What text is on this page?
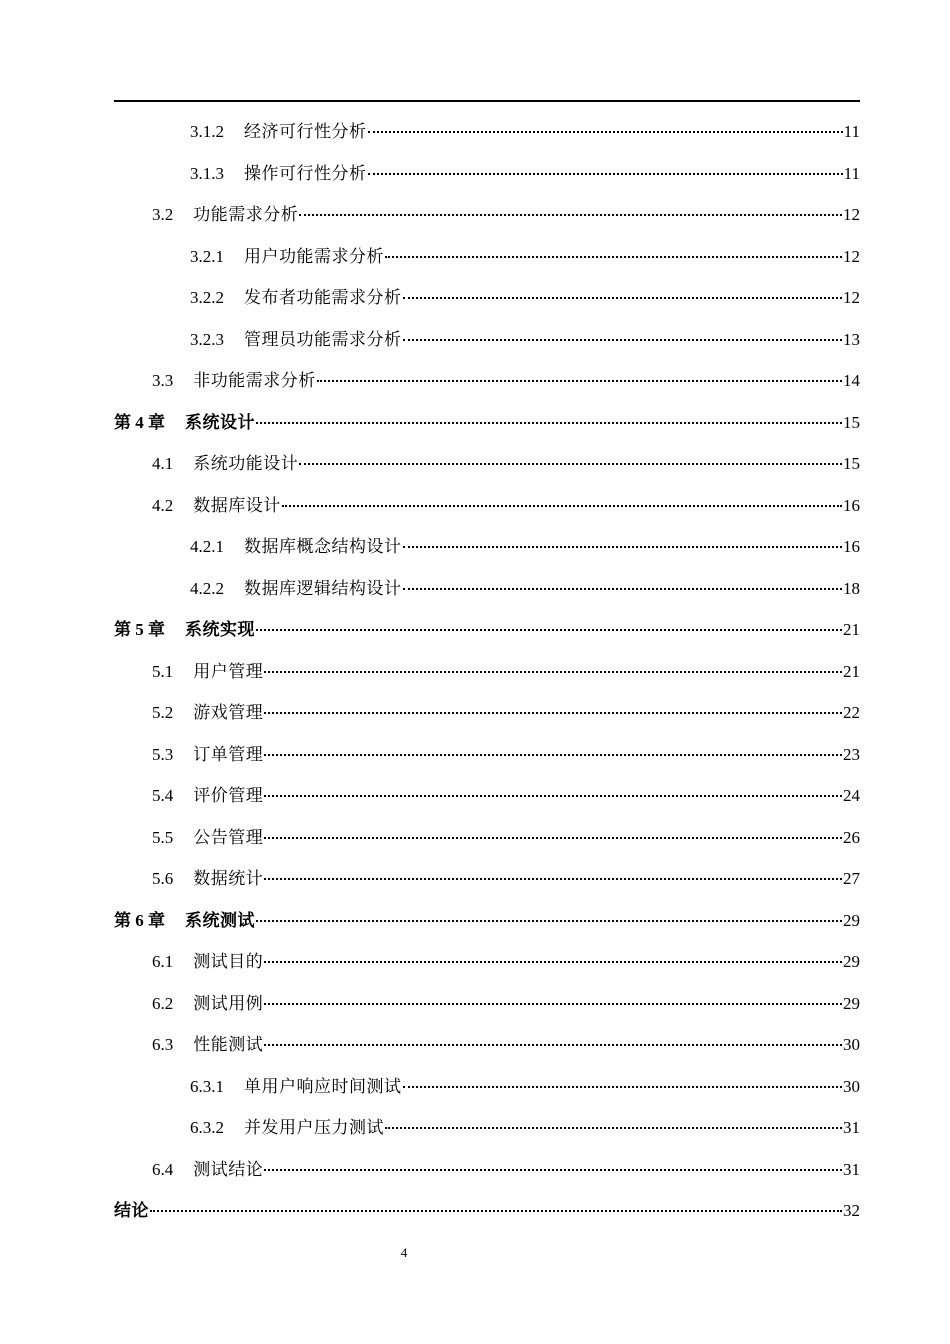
3.1.2 经济可行性分析	11
3.1.3 操作可行性分析	11
3.2 功能需求分析	12
3.2.1 用户功能需求分析	12
3.2.2 发布者功能需求分析	12
3.2.3 管理员功能需求分析	13
3.3 非功能需求分析	14
第 4 章 系统设计	15
4.1 系统功能设计	15
4.2 数据库设计	16
4.2.1 数据库概念结构设计	16
4.2.2 数据库逻辑结构设计	18
第 5 章 系统实现	21
5.1 用户管理	21
5.2 游戏管理	22
5.3 订单管理	23
5.4 评价管理	24
5.5 公告管理	26
5.6 数据统计	27
第 6 章 系统测试	29
6.1 测试目的	29
6.2 测试用例	29
6.3 性能测试	30
6.3.1 单用户响应时间测试	30
6.3.2 并发用户压力测试	31
6.4 测试结论	31
结论	32
4
